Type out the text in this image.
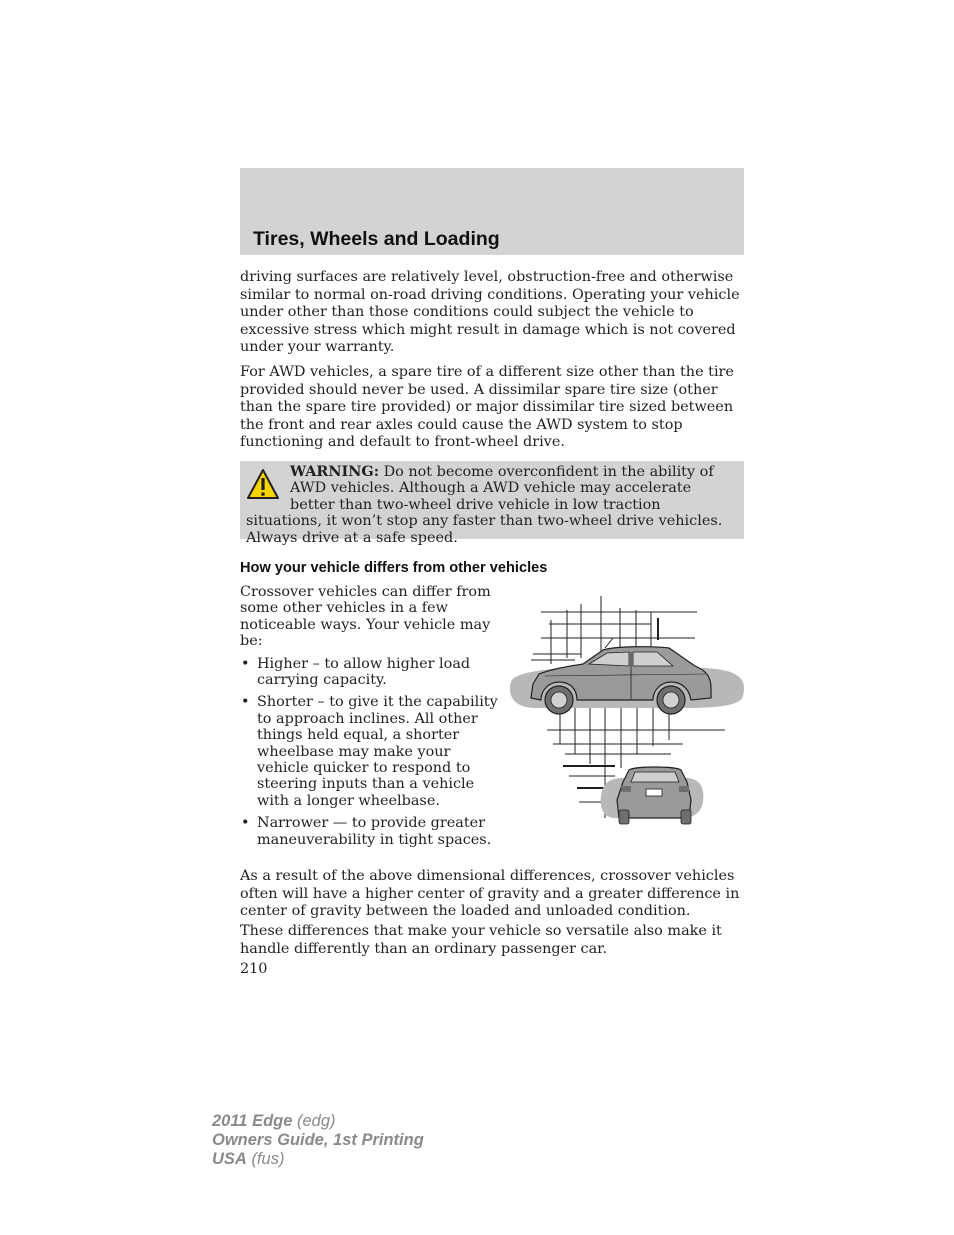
Tires, Wheels and Loading

driving surfaces are relatively level, obstruction-free and otherwise similar to normal on-road driving conditions. Operating your vehicle under other than those conditions could subject the vehicle to excessive stress which might result in damage which is not covered under your warranty.

For AWD vehicles, a spare tire of a different size other than the tire provided should never be used. A dissimilar spare tire size (other than the spare tire provided) or major dissimilar tire sized between the front and rear axles could cause the AWD system to stop functioning and default to front-wheel drive.

WARNING: Do not become overconfident in the ability of AWD vehicles. Although a AWD vehicle may accelerate better than two-wheel drive vehicle in low traction situations, it won’t stop any faster than two-wheel drive vehicles. Always drive at a safe speed.
How your vehicle differs from other vehicles

Crossover vehicles can differ from some other vehicles in a few noticeable ways. Your vehicle may be:

• Higher – to allow higher load carrying capacity.
• Shorter – to give it the capability to approach inclines. All other things held equal, a shorter wheelbase may make your vehicle quicker to respond to steering inputs than a vehicle with a longer wheelbase.
• Narrower — to provide greater maneuverability in tight spaces.

As a result of the above dimensional differences, crossover vehicles often will have a higher center of gravity and a greater difference in center of gravity between the loaded and unloaded condition.

These differences that make your vehicle so versatile also make it handle differently than an ordinary passenger car.

210
2011 Edge (edg)
Owners Guide, 1st Printing
USA (fus)
